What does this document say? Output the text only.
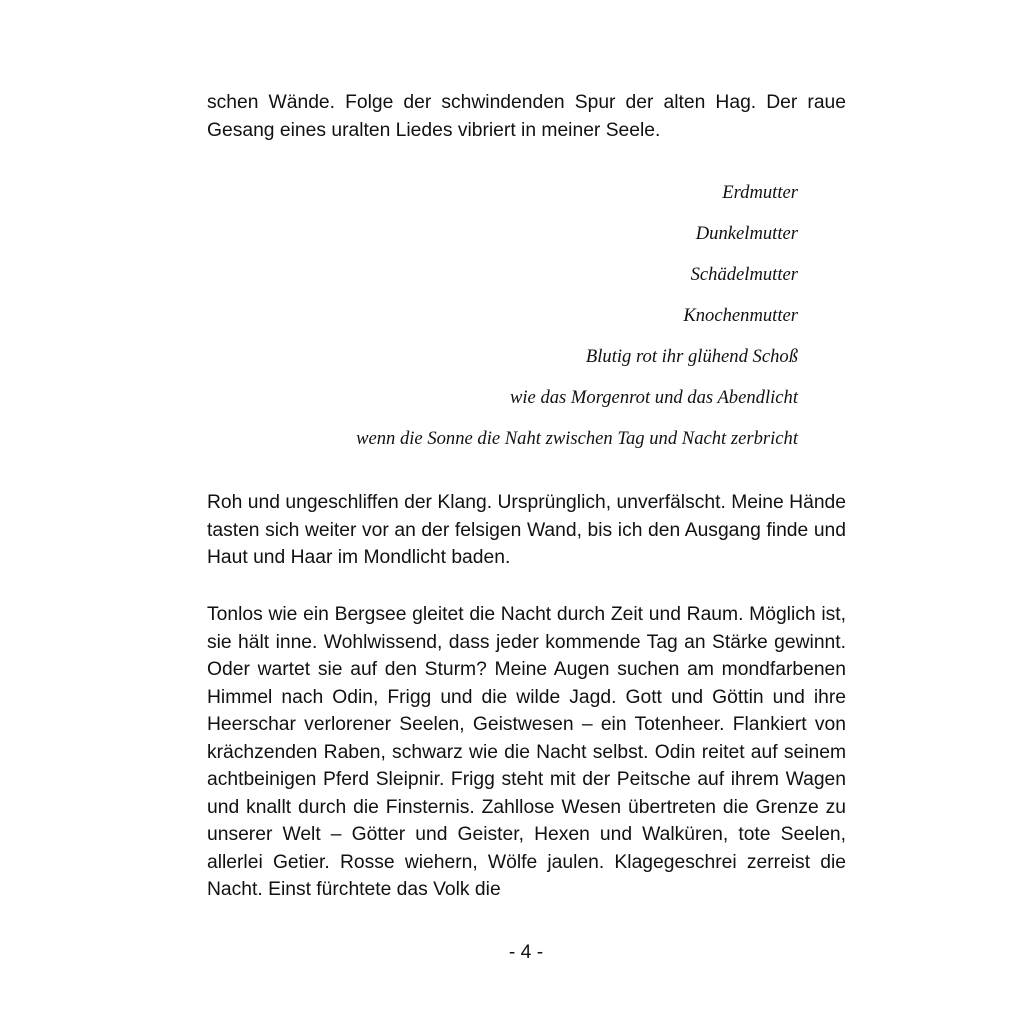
schen Wände. Folge der schwindenden Spur der alten Hag. Der raue Gesang eines uralten Liedes vibriert in meiner Seele.

Erdmutter
Dunkelmutter
Schädelmutter
Knochenmutter
Blutig rot ihr glühend Schoß
wie das Morgenrot und das Abendlicht
wenn die Sonne die Naht zwischen Tag und Nacht zerbricht

Roh und ungeschliffen der Klang. Ursprünglich, unverfälscht. Meine Hände tasten sich weiter vor an der felsigen Wand, bis ich den Ausgang finde und Haut und Haar im Mondlicht baden.

Tonlos wie ein Bergsee gleitet die Nacht durch Zeit und Raum. Möglich ist, sie hält inne. Wohlwissend, dass jeder kommende Tag an Stärke gewinnt. Oder wartet sie auf den Sturm? Meine Augen suchen am mondfarbenen Himmel nach Odin, Frigg und die wilde Jagd. Gott und Göttin und ihre Heerschar verlorener Seelen, Geistwesen – ein Totenheer. Flankiert von krächzenden Raben, schwarz wie die Nacht selbst. Odin reitet auf seinem achtbeinigen Pferd Sleipnir. Frigg steht mit der Peitsche auf ihrem Wagen und knallt durch die Finsternis. Zahllose Wesen übertreten die Grenze zu unserer Welt – Götter und Geister, Hexen und Walküren, tote Seelen, allerlei Getier. Rosse wiehern, Wölfe jaulen. Klagegeschrei zerreist die Nacht. Einst fürchtete das Volk die

- 4 -
